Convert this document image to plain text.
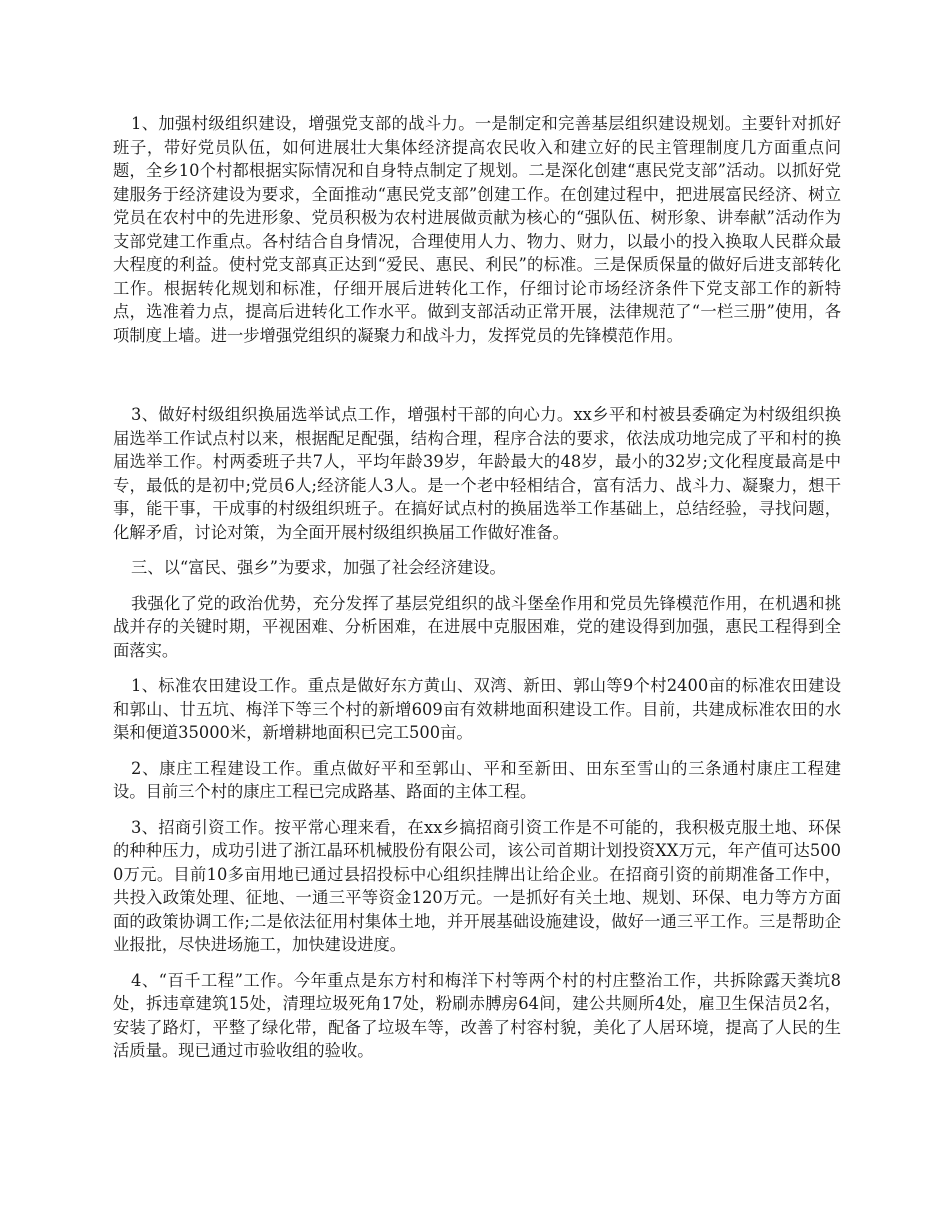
1、加强村级组织建设，增强党支部的战斗力。一是制定和完善基层组织建设规划。主要针对抓好班子，带好党员队伍，如何进展壮大集体经济提高农民收入和建立好的民主管理制度几方面重点问题，全乡10个村都根据实际情况和自身特点制定了规划。二是深化创建“惠民党支部”活动。以抓好党建服务于经济建设为要求，全面推动“惠民党支部”创建工作。在创建过程中，把进展富民经济、树立党员在农村中的先进形象、党员积极为农村进展做贡献为核心的“强队伍、树形象、讲奉献”活动作为支部党建工作重点。各村结合自身情况，合理使用人力、物力、财力，以最小的投入换取人民群众最大程度的利益。使村党支部真正达到“爱民、惠民、利民”的标准。三是保质保量的做好后进支部转化工作。根据转化规划和标准，仔细开展后进转化工作，仔细讨论市场经济条件下党支部工作的新特点，选准着力点，提高后进转化工作水平。做到支部活动正常开展，法律规范了“一栏三册”使用，各项制度上墙。进一步增强党组织的凝聚力和战斗力，发挥党员的先锋模范作用。

3、做好村级组织换届选举试点工作，增强村干部的向心力。xx乡平和村被县委确定为村级组织换届选举工作试点村以来，根据配足配强，结构合理，程序合法的要求，依法成功地完成了平和村的换届选举工作。村两委班子共7人，平均年龄39岁，年龄最大的48岁，最小的32岁;文化程度最高是中专，最低的是初中;党员6人;经济能人3人。是一个老中轻相结合，富有活力、战斗力、凝聚力，想干事，能干事，干成事的村级组织班子。在搞好试点村的换届选举工作基础上，总结经验，寻找问题，化解矛盾，讨论对策，为全面开展村级组织换届工作做好准备。

三、以“富民、强乡”为要求，加强了社会经济建设。

我强化了党的政治优势，充分发挥了基层党组织的战斗堡垒作用和党员先锋模范作用，在机遇和挑战并存的关键时期，平视困难、分析困难，在进展中克服困难，党的建设得到加强，惠民工程得到全面落实。

1、标准农田建设工作。重点是做好东方黄山、双湾、新田、郭山等9个村2400亩的标准农田建设和郭山、廿五坑、梅洋下等三个村的新增609亩有效耕地面积建设工作。目前，共建成标准农田的水渠和便道35000米，新增耕地面积已完工500亩。

2、康庄工程建设工作。重点做好平和至郭山、平和至新田、田东至雪山的三条通村康庄工程建设。目前三个村的康庄工程已完成路基、路面的主体工程。

3、招商引资工作。按平常心理来看，在xx乡搞招商引资工作是不可能的，我积极克服土地、环保的种种压力，成功引进了浙江晶环机械股份有限公司，该公司首期计划投资XX万元，年产值可达5000万元。目前10多亩用地已通过县招投标中心组织挂牌出让给企业。在招商引资的前期准备工作中，共投入政策处理、征地、一通三平等资金120万元。一是抓好有关土地、规划、环保、电力等方方面面的政策协调工作;二是依法征用村集体土地，并开展基础设施建设，做好一通三平工作。三是帮助企业报批，尽快进场施工，加快建设进度。

4、“百千工程”工作。今年重点是东方村和梅洋下村等两个村的村庄整治工作，共拆除露天粪坑8处，拆违章建筑15处，清理垃圾死角17处，粉刷赤膊房64间，建公共厕所4处，雇卫生保洁员2名，安装了路灯，平整了绿化带，配备了垃圾车等，改善了村容村貌，美化了人居环境，提高了人民的生活质量。现已通过市验收组的验收。
